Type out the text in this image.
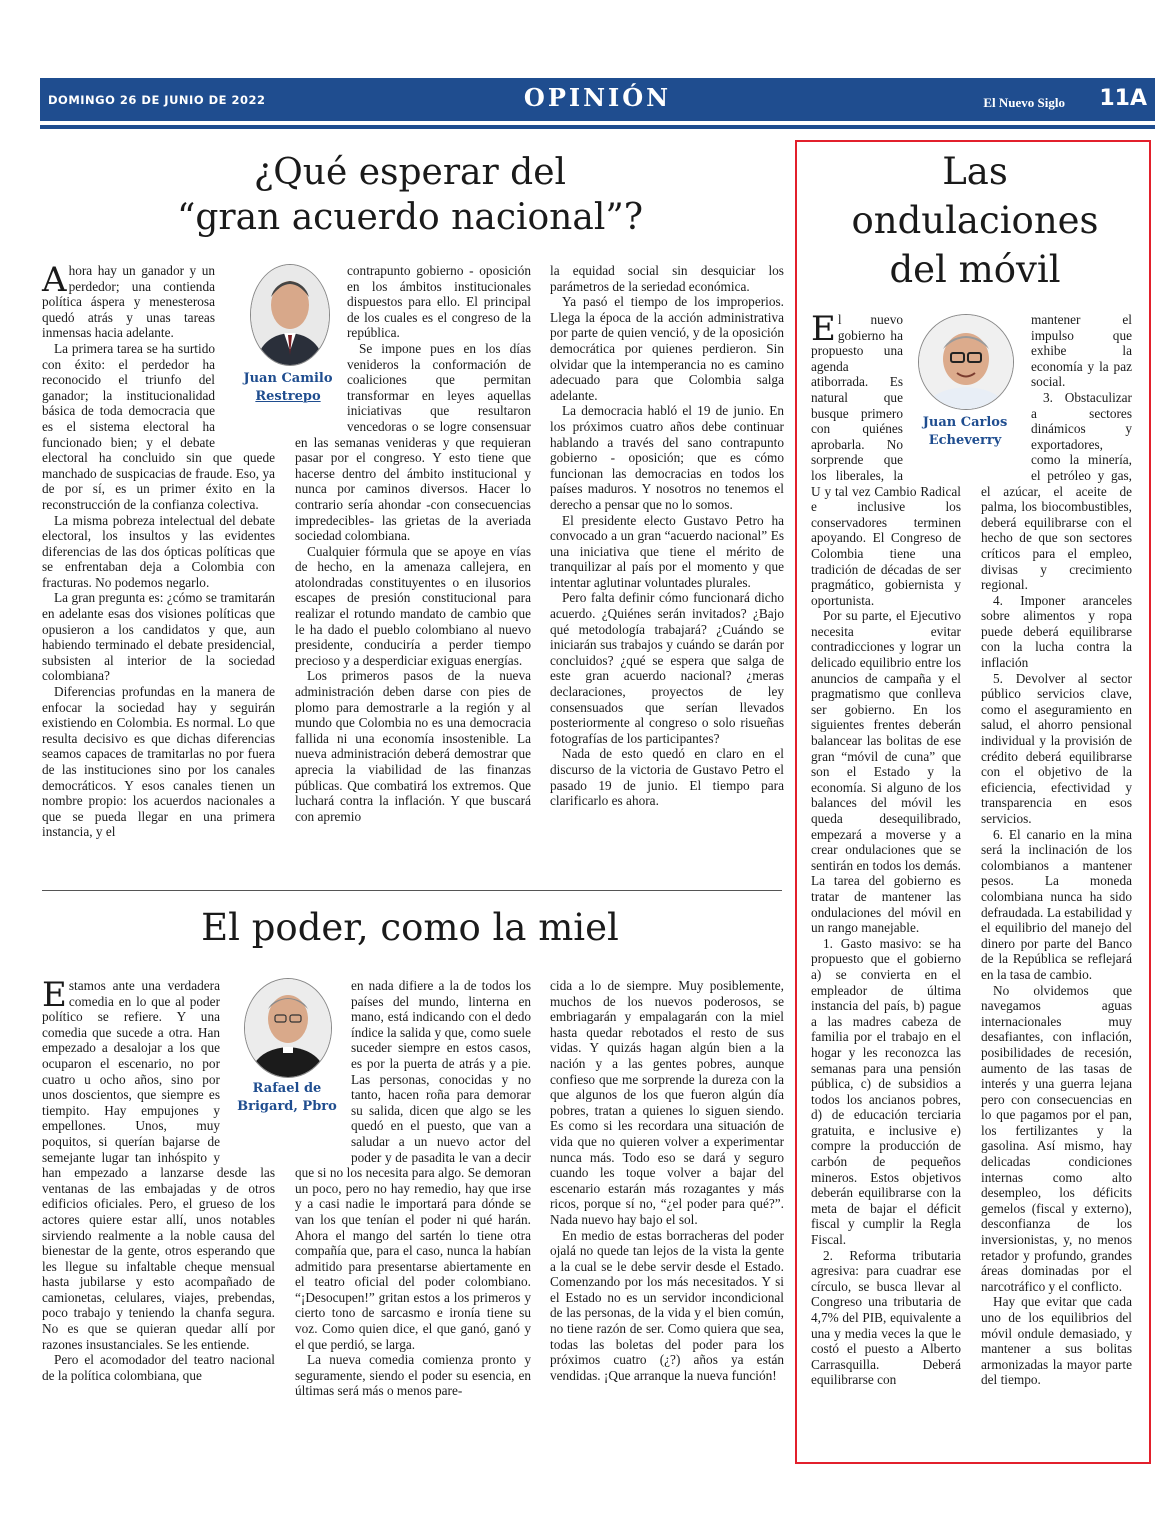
DOMINGO 26 DE JUNIO DE 2022	OPINIÓN	El Nuevo Siglo 11A
¿Qué esperar del
“gran acuerdo nacional”?
Juan Camilo
Restrepo

Ahora hay un ganador y un perdedor; una contienda política áspera y menesterosa quedó atrás y unas tareas inmensas hacia adelante.

La primera tarea se ha surtido con éxito: el perdedor ha reconocido el triunfo del ganador; la institucionalidad básica de toda democracia que es el sistema electoral ha funcionado bien; y el debate electoral ha concluido sin que quede manchado de suspicacias de fraude. Eso, ya de por sí, es un primer éxito en la reconstrucción de la confianza colectiva.

La misma pobreza intelectual del debate electoral, los insultos y las evidentes diferencias de las dos ópticas políticas que se enfrentaban deja a Colombia con fracturas. No podemos negarlo.

La gran pregunta es: ¿cómo se tramitarán en adelante esas dos visiones políticas que opusieron a los candidatos y que, aun habiendo terminado el debate presidencial, subsisten al interior de la sociedad colombiana?

Diferencias profundas en la manera de enfocar la sociedad hay y seguirán existiendo en Colombia. Es normal. Lo que resulta decisivo es que dichas diferencias seamos capaces de tramitarlas no por fuera de las instituciones sino por los canales democráticos. Y esos canales tienen un nombre propio: los acuerdos nacionales a que se pueda llegar en una primera instancia, y el

contrapunto gobierno - oposición en los ámbitos institucionales dispuestos para ello. El principal de los cuales es el congreso de la república.

Se impone pues en los días venideros la conformación de coaliciones que permitan transformar en leyes aquellas iniciativas que resultaron vencedoras o se logre consensuar en las semanas venideras y que requieran pasar por el congreso. Y esto tiene que hacerse dentro del ámbito institucional y nunca por caminos diversos. Hacer lo contrario sería ahondar -con consecuencias impredecibles- las grietas de la averiada sociedad colombiana.

Cualquier fórmula que se apoye en vías de hecho, en la amenaza callejera, en atolondradas constituyentes o en ilusorios escapes de presión constitucional para realizar el rotundo mandato de cambio que le ha dado el pueblo colombiano al nuevo presidente, conduciría a perder tiempo precioso y a desperdiciar exiguas energías.

Los primeros pasos de la nueva administración deben darse con pies de plomo para demostrarle a la región y al mundo que Colombia no es una democracia fallida ni una economía insostenible. La nueva administración deberá demostrar que aprecia la viabilidad de las finanzas públicas. Que combatirá los extremos. Que luchará contra la inflación. Y que buscará con apremio

la equidad social sin desquiciar los parámetros de la seriedad económica.

Ya pasó el tiempo de los improperios. Llega la época de la acción administrativa por parte de quien venció, y de la oposición democrática por quienes perdieron. Sin olvidar que la intemperancia no es camino adecuado para que Colombia salga adelante.

La democracia habló el 19 de junio. En los próximos cuatro años debe continuar hablando a través del sano contrapunto gobierno - oposición; que es cómo funcionan las democracias en todos los países maduros. Y nosotros no tenemos el derecho a pensar que no lo somos.

El presidente electo Gustavo Petro ha convocado a un gran “acuerdo nacional” Es una iniciativa que tiene el mérito de tranquilizar al país por el momento y que intentar aglutinar voluntades plurales.

Pero falta definir cómo funcionará dicho acuerdo. ¿Quiénes serán invitados? ¿Bajo qué metodología trabajará? ¿Cuándo se iniciarán sus trabajos y cuándo se darán por concluidos? ¿qué se espera que salga de este gran acuerdo nacional? ¿meras declaraciones, proyectos de ley consensuados que serían llevados posteriormente al congreso o solo risueñas fotografías de los participantes?

Nada de esto quedó en claro en el discurso de la victoria de Gustavo Petro el pasado 19 de junio. El tiempo para clarificarlo es ahora.

El poder, como la miel
Rafael de
Brigard, Pbro

Estamos ante una verdadera comedia en lo que al poder político se refiere. Y una comedia que sucede a otra. Han empezado a desalojar a los que ocuparon el escenario, no por cuatro u ocho años, sino por unos doscientos, que siempre es tiempito. Hay empujones y empellones. Unos, muy poquitos, si querían bajarse de semejante lugar tan inhóspito y han empezado a lanzarse desde las ventanas de las embajadas y de otros edificios oficiales. Pero, el grueso de los actores quiere estar allí, unos notables sirviendo realmente a la noble causa del bienestar de la gente, otros esperando que les llegue su infaltable cheque mensual hasta jubilarse y esto acompañado de camionetas, celulares, viajes, prebendas, poco trabajo y teniendo la chanfa segura. No es que se quieran quedar allí por razones insustanciales. Se les entiende.

Pero el acomodador del teatro nacional de la política colombiana, que

en nada difiere a la de todos los países del mundo, linterna en mano, está indicando con el dedo índice la salida y que, como suele suceder siempre en estos casos, es por la puerta de atrás y a pie. Las personas, conocidas y no tanto, hacen roña para demorar su salida, dicen que algo se les quedó en el puesto, que van a saludar a un nuevo actor del poder y de pasadita le van a decir que si no los necesita para algo. Se demoran un poco, pero no hay remedio, hay que irse y a casi nadie le importará para dónde se van los que tenían el poder ni qué harán. Ahora el mango del sartén lo tiene otra compañía que, para el caso, nunca la habían admitido para presentarse abiertamente en el teatro oficial del poder colombiano. “¡Desocupen!” gritan estos a los primeros y cierto tono de sarcasmo e ironía tiene su voz. Como quien dice, el que ganó, ganó y el que perdió, se larga.

La nueva comedia comienza pronto y seguramente, siendo el poder su esencia, en últimas será más o menos pare-

cida a lo de siempre. Muy posiblemente, muchos de los nuevos poderosos, se embriagarán y empalagarán con la miel hasta quedar rebotados el resto de sus vidas. Y quizás hagan algún bien a la nación y a las gentes pobres, aunque confieso que me sorprende la dureza con la que algunos de los que fueron algún día pobres, tratan a quienes lo siguen siendo. Es como si les recordara una situación de vida que no quieren volver a experimentar nunca más. Todo eso se dará y seguro cuando les toque volver a bajar del escenario estarán más rozagantes y más ricos, porque sí no, “¿el poder para qué?”. Nada nuevo hay bajo el sol.

En medio de estas borracheras del poder ojalá no quede tan lejos de la vista la gente a la cual se le debe servir desde el Estado. Comenzando por los más necesitados. Y si el Estado no es un servidor incondicional de las personas, de la vida y el bien común, no tiene razón de ser. Como quiera que sea, todas las boletas del poder para los próximos cuatro (¿?) años ya están vendidas. ¡Que arranque la nueva función!

Las
ondulaciones
del móvil
Juan Carlos
Echeverry

El nuevo gobierno ha propuesto una agenda atiborrada. Es natural que busque primero con quiénes aprobarla. No sorprende que los liberales, la U y tal vez Cambio Radical e inclusive los conservadores terminen apoyando. El Congreso de Colombia tiene una tradición de décadas de ser pragmático, gobiernista y oportunista.

Por su parte, el Ejecutivo necesita evitar contradicciones y lograr un delicado equilibrio entre los anuncios de campaña y el pragmatismo que conlleva ser gobierno. En los siguientes frentes deberán balancear las bolitas de ese gran “móvil de cuna” que son el Estado y la economía. Si alguno de los balances del móvil les queda desequilibrado, empezará a moverse y a crear ondulaciones que se sentirán en todos los demás. La tarea del gobierno es tratar de mantener las ondulaciones del móvil en un rango manejable.

1. Gasto masivo: se ha propuesto que el gobierno a) se convierta en el empleador de última instancia del país, b) pague a las madres cabeza de familia por el trabajo en el hogar y les reconozca las semanas para una pensión pública, c) de subsidios a todos los ancianos pobres, d) de educación terciaria gratuita, e inclusive e) compre la producción de carbón de pequeños mineros. Estos objetivos deberán equilibrarse con la meta de bajar el déficit fiscal y cumplir la Regla Fiscal.

2. Reforma tributaria agresiva: para cuadrar ese círculo, se busca llevar al Congreso una tributaria de 4,7% del PIB, equivalente a una y media veces la que le costó el puesto a Alberto Carrasquilla. Deberá equilibrarse con

mantener el impulso que exhibe la economía y la paz social.

3. Obstaculizar a sectores dinámicos y exportadores, como la minería, el petróleo y gas, el azúcar, el aceite de palma, los biocombustibles, deberá equilibrarse con el hecho de que son sectores críticos para el empleo, divisas y crecimiento regional.

4. Imponer aranceles sobre alimentos y ropa puede deberá equilibrarse con la lucha contra la inflación

5. Devolver al sector público servicios clave, como el aseguramiento en salud, el ahorro pensional individual y la provisión de crédito deberá equilibrarse con el objetivo de la eficiencia, efectividad y transparencia en esos servicios.

6. El canario en la mina será la inclinación de los colombianos a mantener pesos. La moneda colombiana nunca ha sido defraudada. La estabilidad y el equilibrio del manejo del dinero por parte del Banco de la República se reflejará en la tasa de cambio.

No olvidemos que navegamos aguas internacionales muy desafiantes, con inflación, posibilidades de recesión, aumento de las tasas de interés y una guerra lejana pero con consecuencias en lo que pagamos por el pan, los fertilizantes y la gasolina. Así mismo, hay delicadas condiciones internas como alto desempleo, los déficits gemelos (fiscal y externo), desconfianza de los inversionistas, y, no menos retador y profundo, grandes áreas dominadas por el narcotráfico y el conflicto.

Hay que evitar que cada uno de los equilibrios del móvil ondule demasiado, y mantener a sus bolitas armonizadas la mayor parte del tiempo.
